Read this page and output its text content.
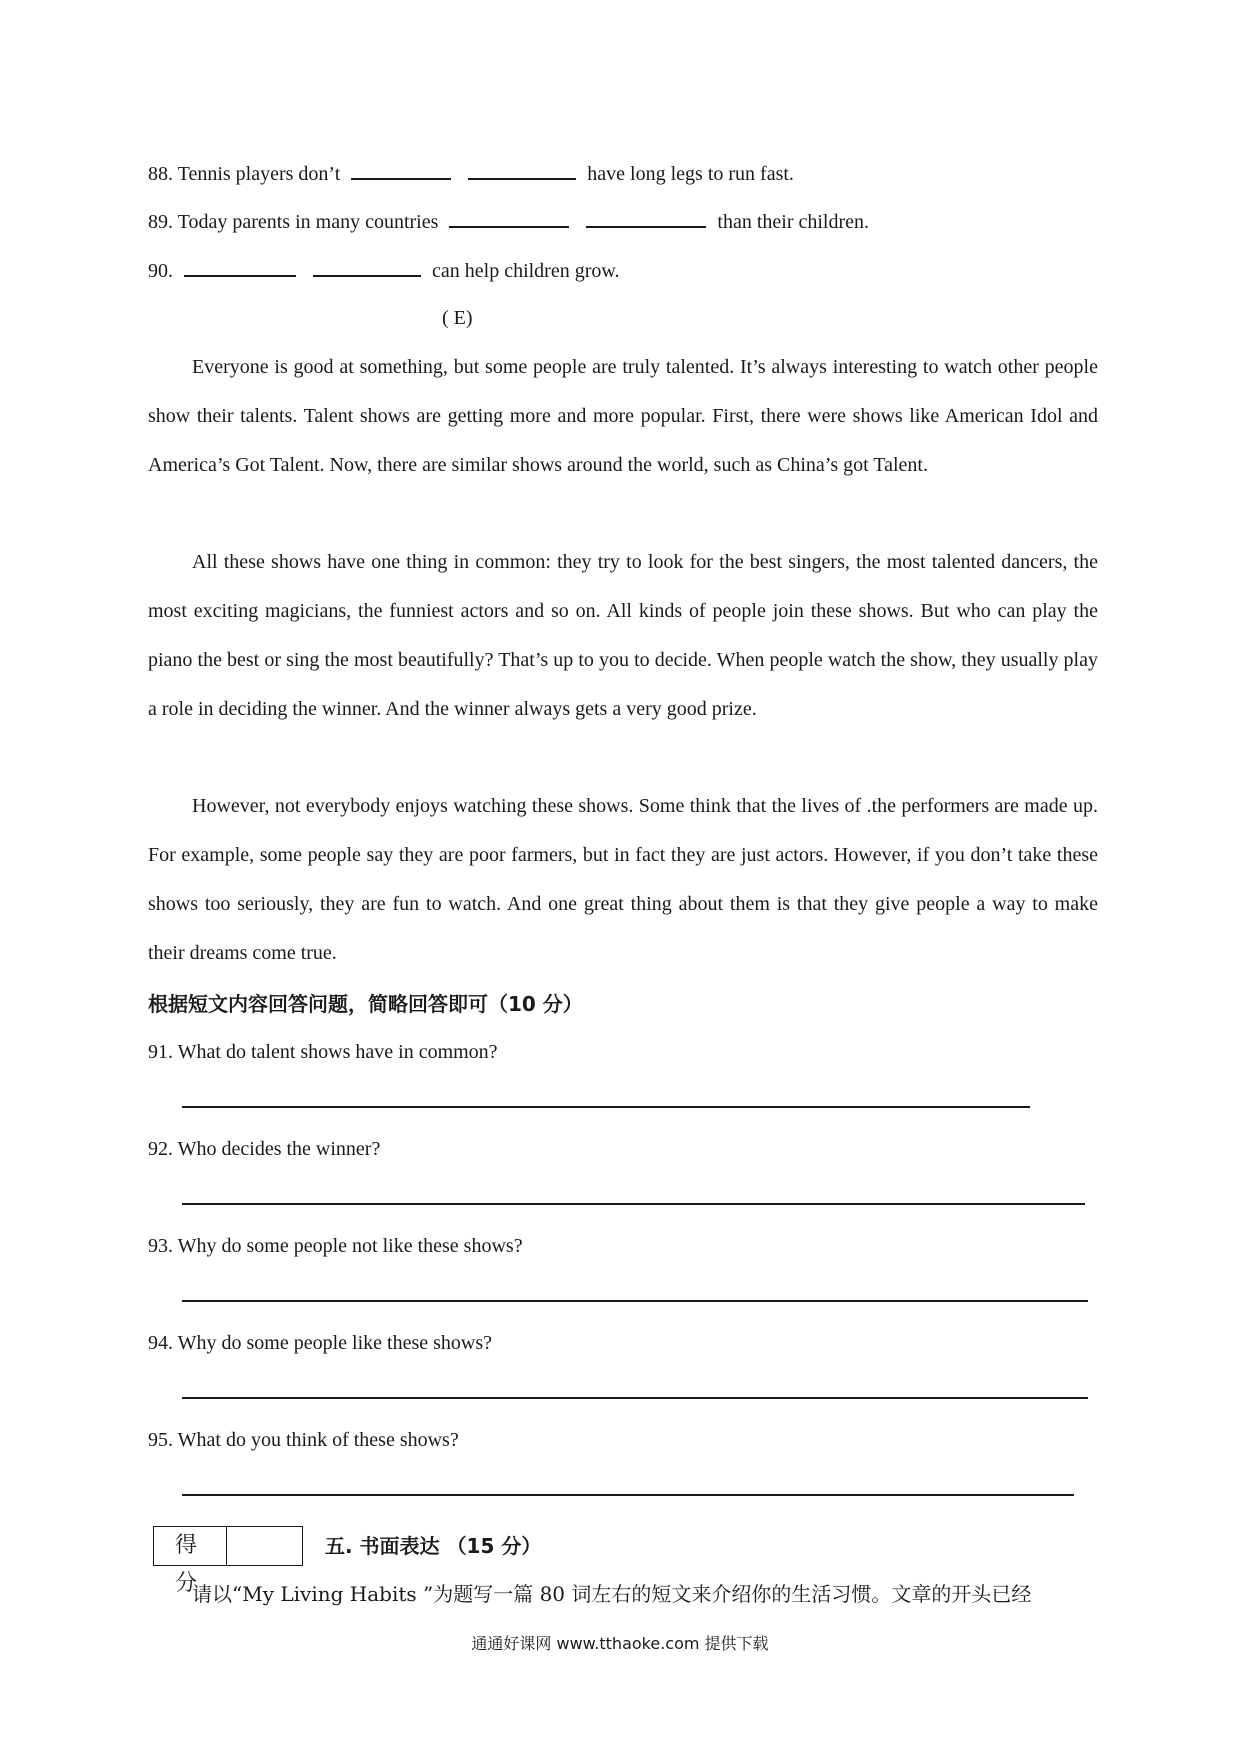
88. Tennis players don’t	have long legs to run fast.
89. Today parents in many countries	than their children.
90.	can help children grow.
( E)

Everyone is good at something, but some people are truly talented. It’s always interesting to watch other people show their talents. Talent shows are getting more and more popular. First, there were shows like American Idol and America’s Got Talent. Now, there are similar shows around the world, such as China’s got Talent.

All these shows have one thing in common: they try to look for the best singers, the most talented dancers, the most exciting magicians, the funniest actors and so on. All kinds of people join these shows. But who can play the piano the best or sing the most beautifully? That’s up to you to decide. When people watch the show, they usually play a role in deciding the winner. And the winner always gets a very good prize.

However, not everybody enjoys watching these shows. Some think that the lives of .the performers are made up. For example, some people say they are poor farmers, but in fact they are just actors. However, if you don’t take these shows too seriously, they are fun to watch. And one great thing about them is that they give people a way to make their dreams come true.

根据短文内容回答问题，简略回答即可（10 分）
91. What do talent shows have in common?
92. Who decides the winner?
93. Why do some people not like these shows?
94. Why do some people like these shows?
95. What do you think of these shows?
得 分
五. 书面表达 （15 分）
请以“My Living Habits ”为题写一篇 80 词左右的短文来介绍你的生活习惯。文章的开头已经
通通好课网 www.tthaoke.com 提供下载
